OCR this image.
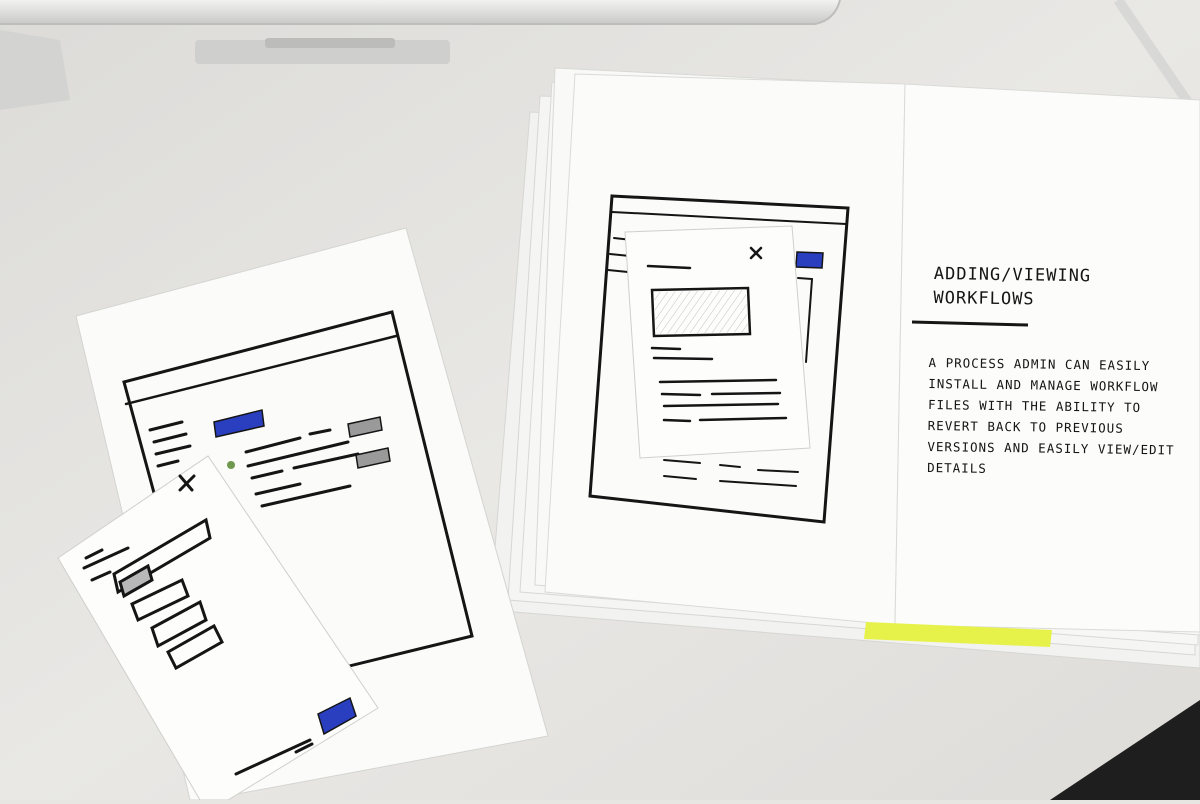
ADDING/VIEWING WORKFLOWS

A PROCESS ADMIN CAN EASILY INSTALL AND MANAGE WORKFLOW FILES WITH THE ABILITY TO REVERT BACK TO PREVIOUS VERSIONS AND EASILY VIEW/EDIT DETAILS
